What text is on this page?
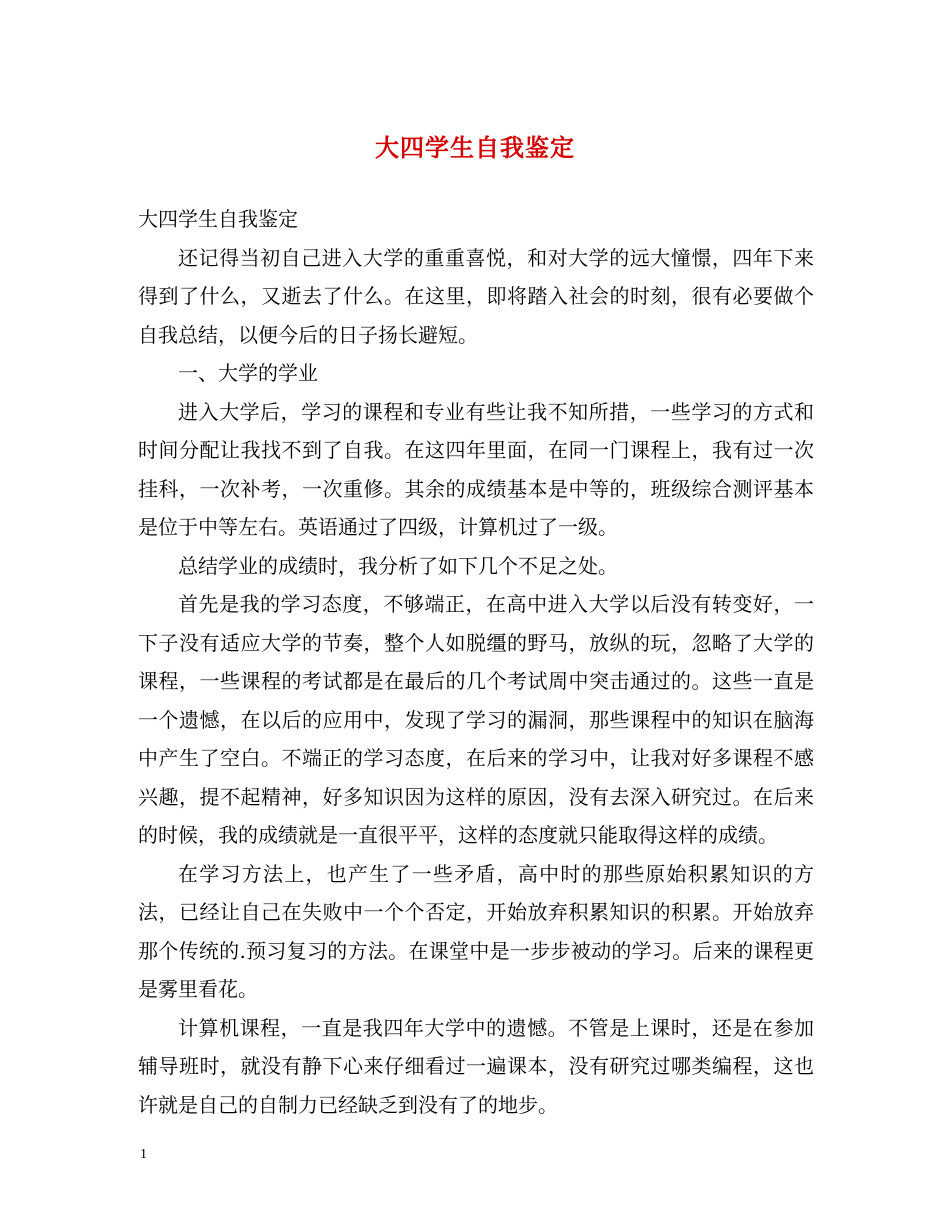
大四学生自我鉴定

大四学生自我鉴定

还记得当初自己进入大学的重重喜悦，和对大学的远大憧憬，四年下来得到了什么，又逝去了什么。在这里，即将踏入社会的时刻，很有必要做个自我总结，以便今后的日子扬长避短。

一、大学的学业

进入大学后，学习的课程和专业有些让我不知所措，一些学习的方式和时间分配让我找不到了自我。在这四年里面，在同一门课程上，我有过一次挂科，一次补考，一次重修。其余的成绩基本是中等的，班级综合测评基本是位于中等左右。英语通过了四级，计算机过了一级。

总结学业的成绩时，我分析了如下几个不足之处。

首先是我的学习态度，不够端正，在高中进入大学以后没有转变好，一下子没有适应大学的节奏，整个人如脱缰的野马，放纵的玩，忽略了大学的课程，一些课程的考试都是在最后的几个考试周中突击通过的。这些一直是一个遗憾，在以后的应用中，发现了学习的漏洞，那些课程中的知识在脑海中产生了空白。不端正的学习态度，在后来的学习中，让我对好多课程不感兴趣，提不起精神，好多知识因为这样的原因，没有去深入研究过。在后来的时候，我的成绩就是一直很平平，这样的态度就只能取得这样的成绩。

在学习方法上，也产生了一些矛盾，高中时的那些原始积累知识的方法，已经让自己在失败中一个个否定，开始放弃积累知识的积累。开始放弃那个传统的.预习复习的方法。在课堂中是一步步被动的学习。后来的课程更是雾里看花。

计算机课程，一直是我四年大学中的遗憾。不管是上课时，还是在参加辅导班时，就没有静下心来仔细看过一遍课本，没有研究过哪类编程，这也许就是自己的自制力已经缺乏到没有了的地步。

1
